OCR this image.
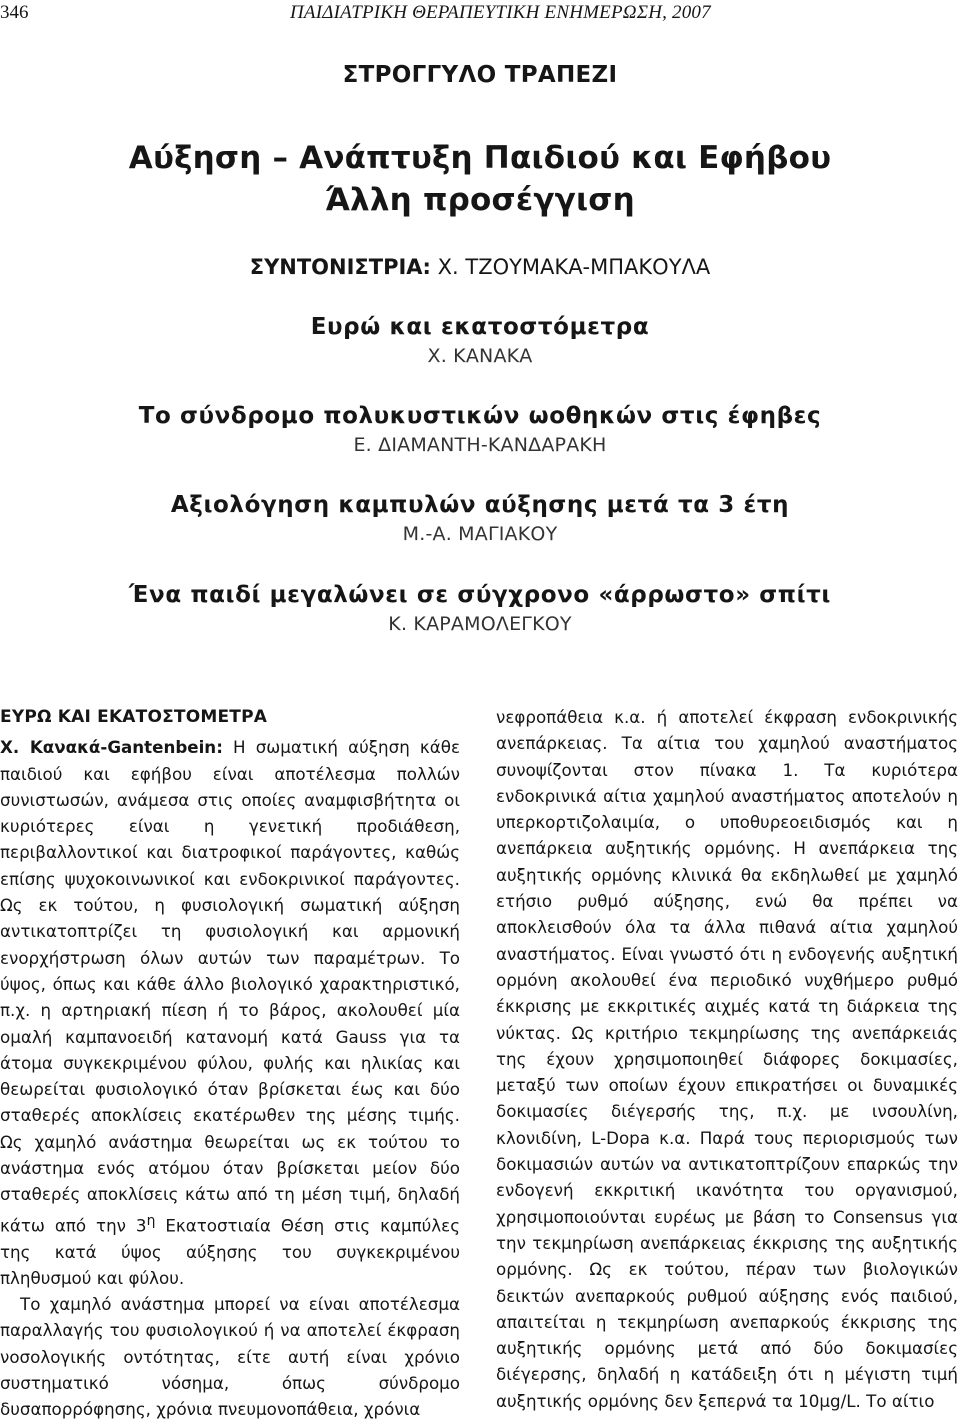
346	ΠΑΙΔΙΑΤΡΙΚΗ ΘΕΡΑΠΕΥΤΙΚΗ ΕΝΗΜΕΡΩΣΗ, 2007
ΣΤΡΟΓΓΥΛΟ ΤΡΑΠΕΖΙ
Αύξηση – Ανάπτυξη Παιδιού και Εφήβου
Άλλη προσέγγιση
ΣΥΝΤΟΝΙΣΤΡΙΑ: Χ. ΤΖΟΥΜΑΚΑ-ΜΠΑΚΟΥΛΑ
Ευρώ και εκατοστόμετρα
Χ. ΚΑΝΑΚΑ
Το σύνδρομο πολυκυστικών ωοθηκών στις έφηβες
Ε. ΔΙΑΜΑΝΤΗ-ΚΑΝΔΑΡΑΚΗ
Αξιολόγηση καμπυλών αύξησης μετά τα 3 έτη
Μ.-Α. ΜΑΓΙΑΚΟΥ
Ένα παιδί μεγαλώνει σε σύγχρονο «άρρωστο» σπίτι
Κ. ΚΑΡΑΜΟΛΕΓΚΟΥ

ΕΥΡΩ ΚΑΙ ΕΚΑΤΟΣΤΟΜΕΤΡΑ

Χ. Κανακά-Gantenbein: Η σωματική αύξηση κάθε παιδιού και εφήβου είναι αποτέλεσμα πολλών συνιστωσών, ανάμεσα στις οποίες αναμφισβήτητα οι κυριότερες είναι η γενετική προδιάθεση, περιβαλλοντικοί και διατροφικοί παράγοντες, καθώς επίσης ψυχοκοινωνικοί και ενδοκρινικοί παράγοντες. Ως εκ τούτου, η φυσιολογική σωματική αύξηση αντικατοπτρίζει τη φυσιολογική και αρμονική ενορχήστρωση όλων αυτών των παραμέτρων. Το ύψος, όπως και κάθε άλλο βιολογικό χαρακτηριστικό, π.χ. η αρτηριακή πίεση ή το βάρος, ακολουθεί μία ομαλή καμπανοειδή κατανομή κατά Gauss για τα άτομα συγκεκριμένου φύλου, φυλής και ηλικίας και θεωρείται φυσιολογικό όταν βρίσκεται έως και δύο σταθερές αποκλίσεις εκατέρωθεν της μέσης τιμής. Ως χαμηλό ανάστημα θεωρείται ως εκ τούτου το ανάστημα ενός ατόμου όταν βρίσκεται μείον δύο σταθερές αποκλίσεις κάτω από τη μέση τιμή, δηλαδή κάτω από την $3^\eta$ Εκατοστιαία Θέση στις καμπύλες της κατά ύψος αύξησης του συγκεκριμένου πληθυσμού και φύλου.

Το χαμηλό ανάστημα μπορεί να είναι αποτέλεσμα παραλλαγής του φυσιολογικού ή να αποτελεί έκφραση νοσολογικής οντότητας, είτε αυτή είναι χρόνιο συστηματικό νόσημα, όπως σύνδρομο δυσαπορρόφησης, χρόνια πνευμονοπάθεια, χρόνια

νεφροπάθεια κ.α. ή αποτελεί έκφραση ενδοκρινικής ανεπάρκειας. Τα αίτια του χαμηλού αναστήματος συνοψίζονται στον πίνακα 1. Τα κυριότερα ενδοκρινικά αίτια χαμηλού αναστήματος αποτελούν η υπερκορτιζολαιμία, ο υποθυρεοειδισμός και η ανεπάρκεια αυξητικής ορμόνης. Η ανεπάρκεια της αυξητικής ορμόνης κλινικά θα εκδηλωθεί με χαμηλό ετήσιο ρυθμό αύξησης, ενώ θα πρέπει να αποκλεισθούν όλα τα άλλα πιθανά αίτια χαμηλού αναστήματος. Είναι γνωστό ότι η ενδογενής αυξητική ορμόνη ακολουθεί ένα περιοδικό νυχθήμερο ρυθμό έκκρισης με εκκριτικές αιχμές κατά τη διάρκεια της νύκτας. Ως κριτήριο τεκμηρίωσης της ανεπάρκειάς της έχουν χρησιμοποιηθεί διάφορες δοκιμασίες, μεταξύ των οποίων έχουν επικρατήσει οι δυναμικές δοκιμασίες διέγερσής της, π.χ. με ινσουλίνη, κλονιδίνη, L-Dopa κ.α. Παρά τους περιορισμούς των δοκιμασιών αυτών να αντικατοπτρίζουν επαρκώς την ενδογενή εκκριτική ικανότητα του οργανισμού, χρησιμοποιούνται ευρέως με βάση το Consensus για την τεκμηρίωση ανεπάρκειας έκκρισης της αυξητικής ορμόνης. Ως εκ τούτου, πέραν των βιολογικών δεικτών ανεπαρκούς ρυθμού αύξησης ενός παιδιού, απαιτείται η τεκμηρίωση ανεπαρκούς έκκρισης της αυξητικής ορμόνης μετά από δύο δοκιμασίες διέγερσης, δηλαδή η κατάδειξη ότι η μέγιστη τιμή αυξητικής ορμόνης δεν ξεπερνά τα 10μg/L. Το αίτιο
